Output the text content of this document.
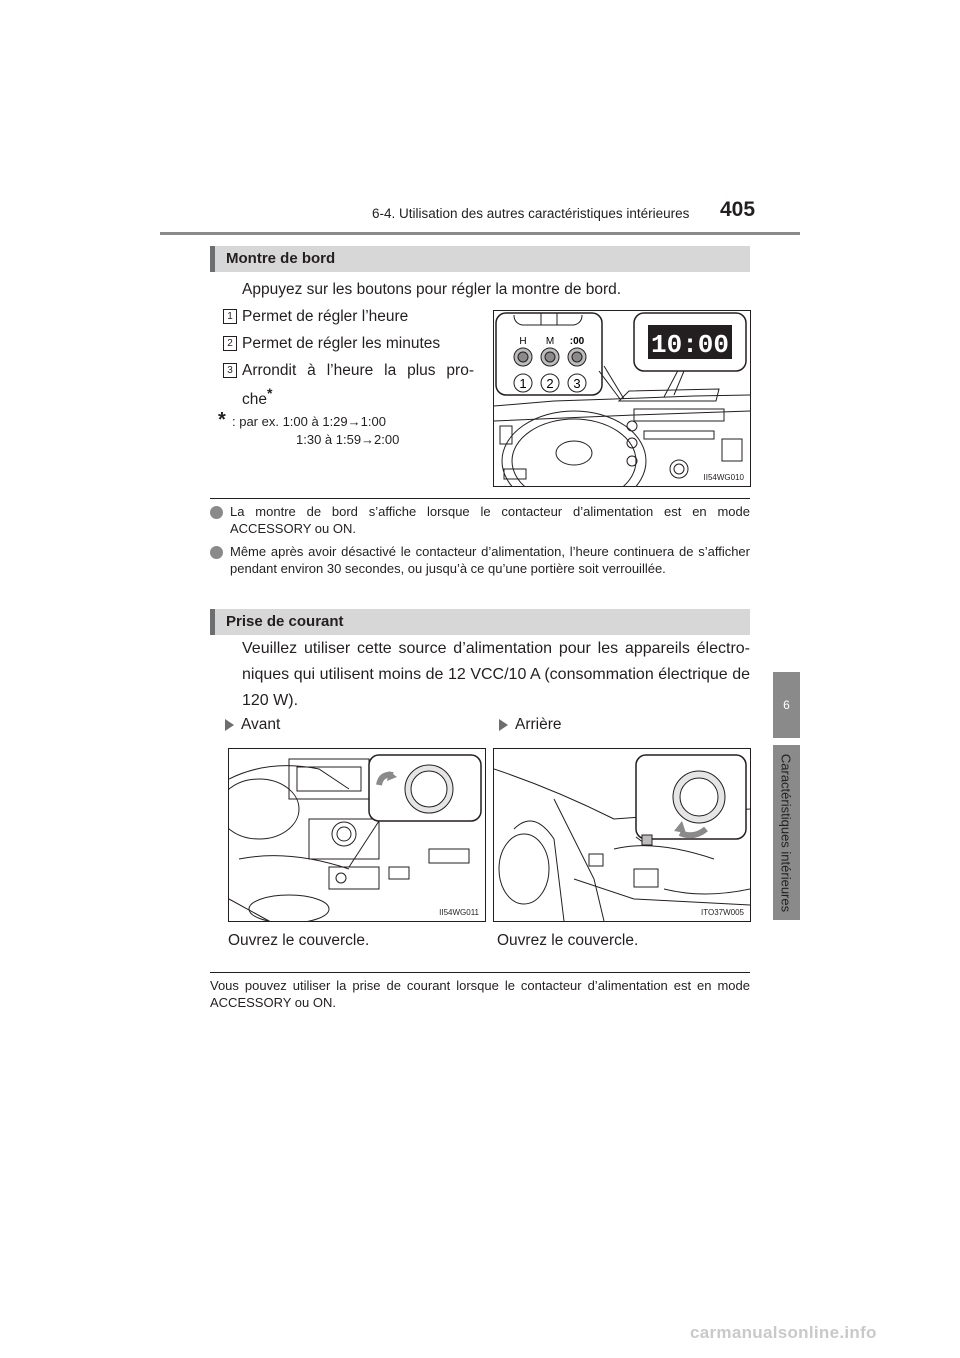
6-4. Utilisation des autres caractéristiques intérieures 405
6
Caractéristiques intérieures
Montre de bord
Appuyez sur les boutons pour régler la montre de bord.
1 Permet de régler l’heure
2 Permet de régler les minutes
3 Arrondit à l’heure la plus pro-
che*
* : par ex. 1:00 à 1:29→1:00
1:30 à 1:59→2:00
H M :00
1 2 3
10:00
II54WG010
La montre de bord s’affiche lorsque le contacteur d’alimentation est en mode ACCESSORY ou ON.
Même après avoir désactivé le contacteur d’alimentation, l’heure continuera de s’afficher pendant environ 30 secondes, ou jusqu’à ce qu’une portière soit verrouillée.
Prise de courant
Veuillez utiliser cette source d’alimentation pour les appareils électro-niques qui utilisent moins de 12 VCC/10 A (consommation électrique de 120 W).
Avant	Arrière
II54WG011	ITO37W005
Ouvrez le couvercle.	Ouvrez le couvercle.
Vous pouvez utiliser la prise de courant lorsque le contacteur d’alimentation est en mode ACCESSORY ou ON.
carmanualsonline.info
